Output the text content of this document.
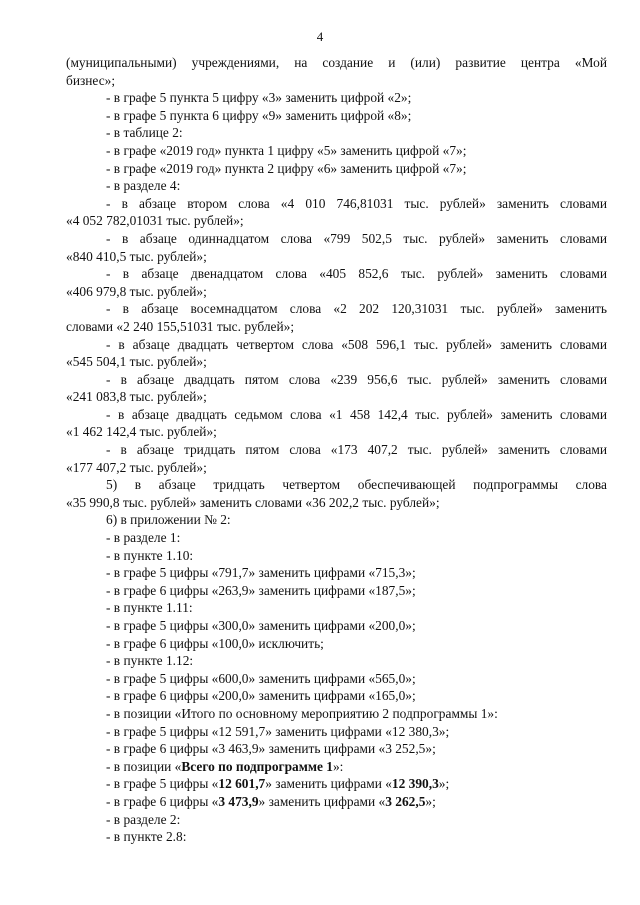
4

(муниципальными) учреждениями, на создание и (или) развитие центра «Мой

бизнес»;

- в графе 5 пункта 5 цифру «3» заменить цифрой «2»;

- в графе 5 пункта 6 цифру «9» заменить цифрой «8»;

- в таблице 2:

- в графе «2019 год» пункта 1 цифру «5» заменить цифрой «7»;

- в графе «2019 год» пункта 2 цифру «6» заменить цифрой «7»;

- в разделе 4:

- в абзаце втором слова «4 010 746,81031 тыс. рублей» заменить словами

«4 052 782,01031 тыс. рублей»;

- в абзаце одиннадцатом слова «799 502,5 тыс. рублей» заменить словами

«840 410,5 тыс. рублей»;

- в абзаце двенадцатом слова «405 852,6 тыс. рублей» заменить словами

«406 979,8 тыс. рублей»;

- в абзаце восемнадцатом слова «2 202 120,31031 тыс. рублей» заменить

словами «2 240 155,51031 тыс. рублей»;

- в абзаце двадцать четвертом слова «508 596,1 тыс. рублей» заменить словами

«545 504,1 тыс. рублей»;

- в абзаце двадцать пятом слова «239 956,6 тыс. рублей» заменить словами

«241 083,8 тыс. рублей»;

- в абзаце двадцать седьмом слова «1 458 142,4 тыс. рублей» заменить словами

«1 462 142,4 тыс. рублей»;

- в абзаце тридцать пятом слова «173 407,2 тыс. рублей» заменить словами

«177 407,2 тыс. рублей»;

5) в абзаце тридцать четвертом обеспечивающей подпрограммы слова

«35 990,8 тыс. рублей» заменить словами «36 202,2 тыс. рублей»;

6) в приложении № 2:

- в разделе 1:

- в пункте 1.10:

- в графе 5 цифры «791,7» заменить цифрами «715,3»;

- в графе 6 цифры «263,9» заменить цифрами «187,5»;

- в пункте 1.11:

- в графе 5 цифры «300,0» заменить цифрами «200,0»;

- в графе 6 цифры «100,0» исключить;

- в пункте 1.12:

- в графе 5 цифры «600,0» заменить цифрами «565,0»;

- в графе 6 цифры «200,0» заменить цифрами «165,0»;

- в позиции «Итого по основному мероприятию 2 подпрограммы 1»:

- в графе 5 цифры «12 591,7» заменить цифрами «12 380,3»;

- в графе 6 цифры «3 463,9» заменить цифрами «3 252,5»;

- в позиции «Всего по подпрограмме 1»:

- в графе 5 цифры «12 601,7» заменить цифрами «12 390,3»;

- в графе 6 цифры «3 473,9» заменить цифрами «3 262,5»;

- в разделе 2:

- в пункте 2.8:
